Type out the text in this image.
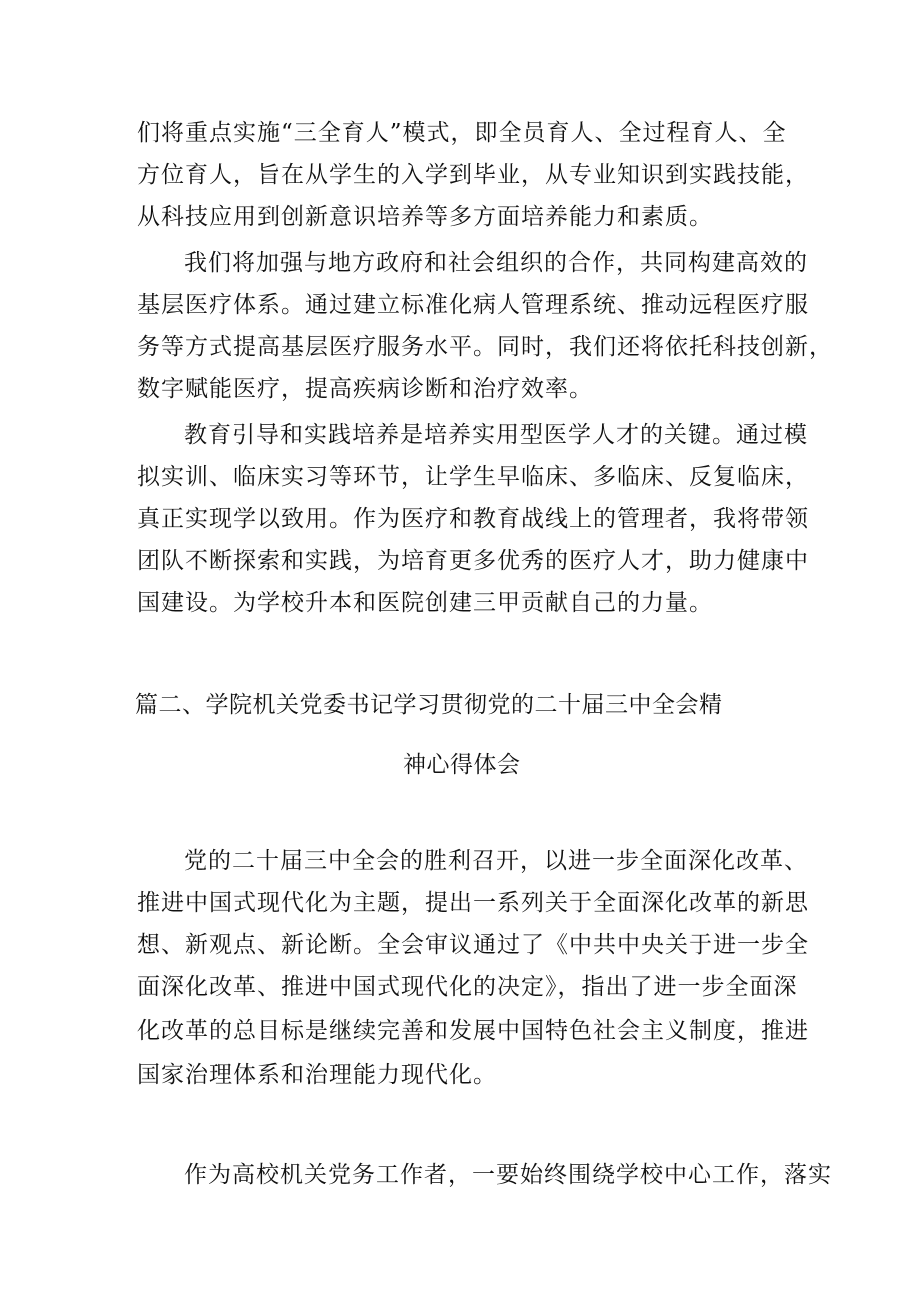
们将重点实施“三全育人”模式，即全员育人、全过程育人、全
方位育人，旨在从学生的入学到毕业，从专业知识到实践技能，
从科技应用到创新意识培养等多方面培养能力和素质。
我们将加强与地方政府和社会组织的合作，共同构建高效的
基层医疗体系。通过建立标准化病人管理系统、推动远程医疗服
务等方式提高基层医疗服务水平。同时，我们还将依托科技创新，
数字赋能医疗，提高疾病诊断和治疗效率。
教育引导和实践培养是培养实用型医学人才的关键。通过模
拟实训、临床实习等环节，让学生早临床、多临床、反复临床，
真正实现学以致用。作为医疗和教育战线上的管理者，我将带领
团队不断探索和实践，为培育更多优秀的医疗人才，助力健康中
国建设。为学校升本和医院创建三甲贡献自己的力量。
篇二、学院机关党委书记学习贯彻党的二十届三中全会精
神心得体会
党的二十届三中全会的胜利召开，以进一步全面深化改革、
推进中国式现代化为主题，提出一系列关于全面深化改革的新思
想、新观点、新论断。全会审议通过了《中共中央关于进一步全
面深化改革、推进中国式现代化的决定》，指出了进一步全面深
化改革的总目标是继续完善和发展中国特色社会主义制度，推进
国家治理体系和治理能力现代化。
作为高校机关党务工作者，一要始终围绕学校中心工作，落实
